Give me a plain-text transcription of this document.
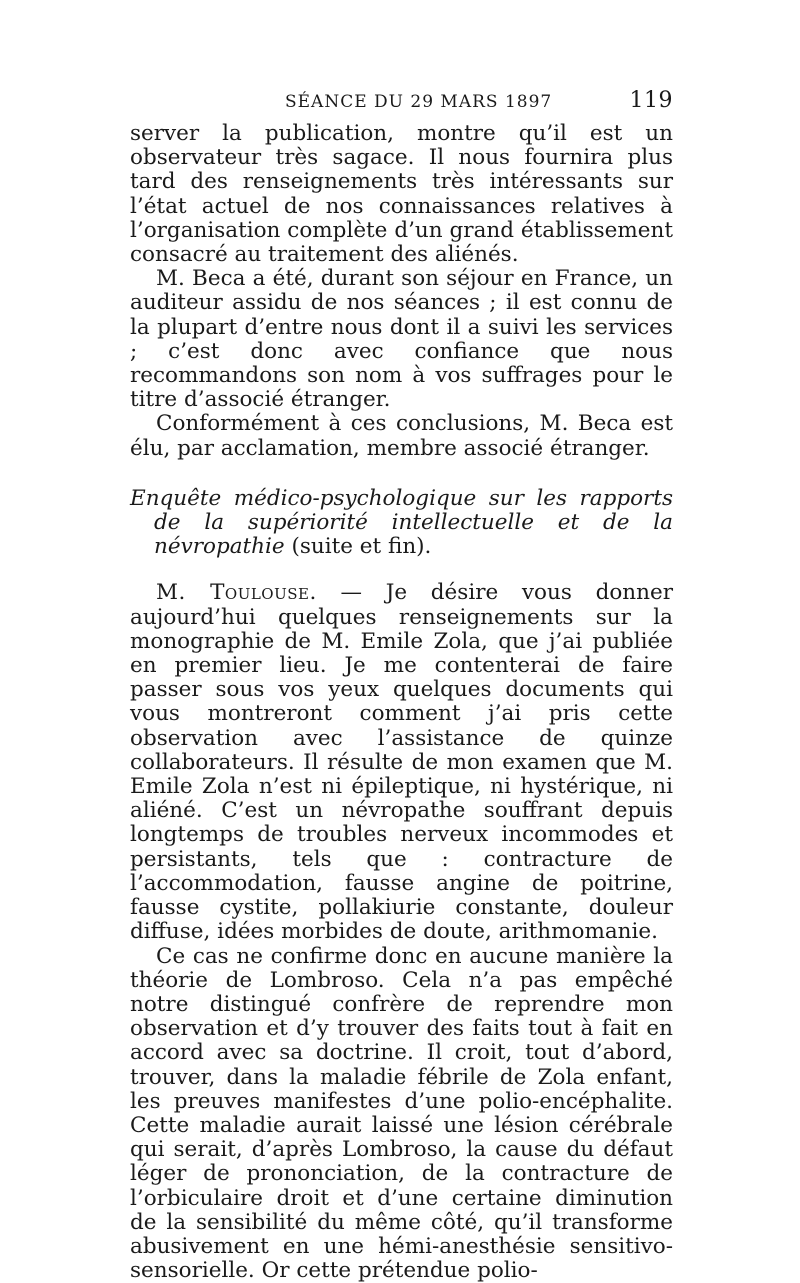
SÉANCE DU 29 MARS 1897	119

server la publication, montre qu’il est un observateur très sagace. Il nous fournira plus tard des renseignements très intéressants sur l’état actuel de nos connaissances relatives à l’organisation complète d’un grand établissement consacré au traitement des aliénés.

M. Beca a été, durant son séjour en France, un auditeur assidu de nos séances ; il est connu de la plupart d’entre nous dont il a suivi les services ; c’est donc avec confiance que nous recommandons son nom à vos suffrages pour le titre d’associé étranger.

Conformément à ces conclusions, M. Beca est élu, par acclamation, membre associé étranger.

Enquête médico-psychologique sur les rapports de la supériorité intellectuelle et de la névropathie (suite et fin).

M. Toulouse. — Je désire vous donner aujourd’hui quelques renseignements sur la monographie de M. Emile Zola, que j’ai publiée en premier lieu. Je me contenterai de faire passer sous vos yeux quelques documents qui vous montreront comment j’ai pris cette observation avec l’assistance de quinze collaborateurs. Il résulte de mon examen que M. Emile Zola n’est ni épileptique, ni hystérique, ni aliéné. C’est un névropathe souffrant depuis longtemps de troubles nerveux incommodes et persistants, tels que : contracture de l’accommodation, fausse angine de poitrine, fausse cystite, pollakiurie constante, douleur diffuse, idées morbides de doute, arithmomanie.

Ce cas ne confirme donc en aucune manière la théorie de Lombroso. Cela n’a pas empêché notre distingué confrère de reprendre mon observation et d’y trouver des faits tout à fait en accord avec sa doctrine. Il croit, tout d’abord, trouver, dans la maladie fébrile de Zola enfant, les preuves manifestes d’une polio-encéphalite. Cette maladie aurait laissé une lésion cérébrale qui serait, d’après Lombroso, la cause du défaut léger de prononciation, de la contracture de l’orbiculaire droit et d’une certaine diminution de la sensibilité du même côté, qu’il transforme abusivement en une hémi-anesthésie sensitivo-sensorielle. Or cette prétendue polio-
